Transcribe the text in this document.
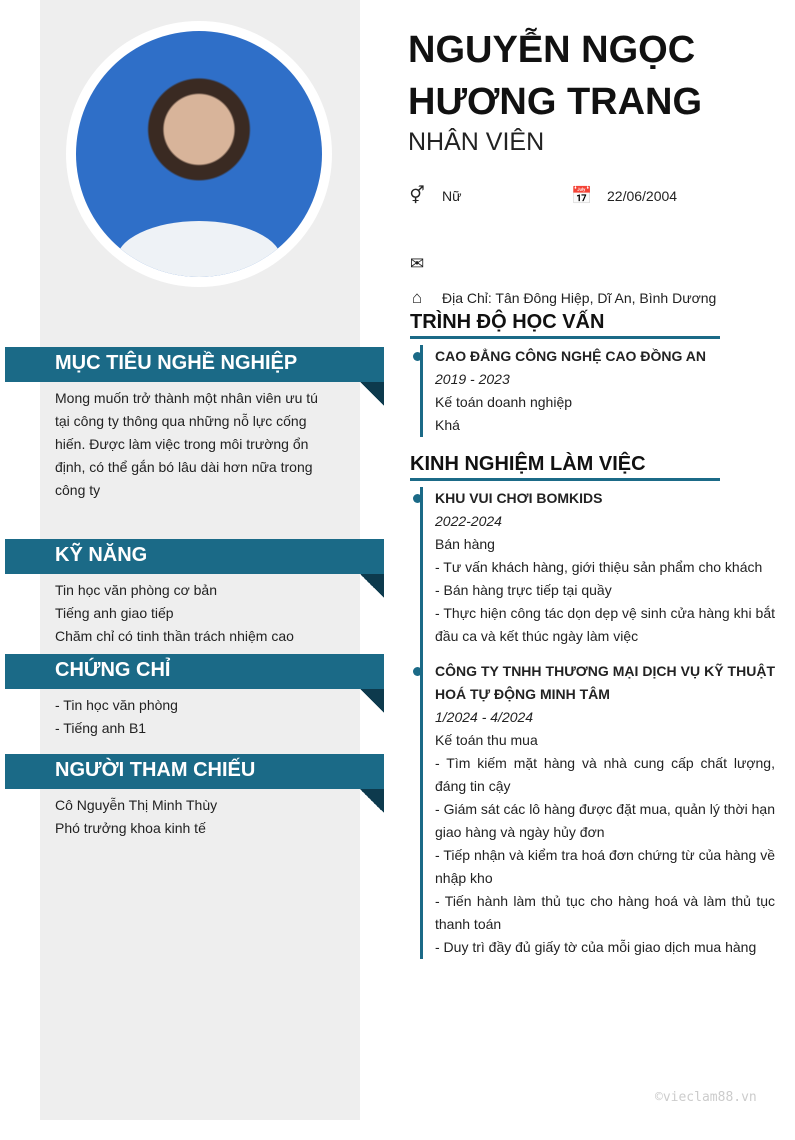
MỤC TIÊU NGHỀ NGHIỆP
Mong muốn trở thành một nhân viên ưu tú
tại công ty thông qua những nỗ lực cống hiến. Được làm việc trong môi trường ổn định, có thể gắn bó lâu dài hơn nữa trong công ty
KỸ NĂNG
Tin học văn phòng cơ bản
Tiếng anh giao tiếp
Chăm chỉ có tinh thần trách nhiệm cao
CHỨNG CHỈ
- Tin học văn phòng
- Tiếng anh B1
NGƯỜI THAM CHIẾU
Cô Nguyễn Thị Minh Thùy
Phó trưởng khoa kinh tế
NGUYỄN NGỌC
HƯƠNG TRANG
NHÂN VIÊN
⚥ Nữ	📅 22/06/2004
✉
⌂	Địa Chỉ: Tân Đông Hiệp, Dĩ An, Bình Dương
TRÌNH ĐỘ HỌC VẤN
CAO ĐẲNG CÔNG NGHỆ CAO ĐỒNG AN
2019 - 2023
Kế toán doanh nghiệp
Khá
KINH NGHIỆM LÀM VIỆC
KHU VUI CHƠI BOMKIDS
2022-2024
Bán hàng
- Tư vấn khách hàng, giới thiệu sản phẩm cho khách
- Bán hàng trực tiếp tại quầy
- Thực hiện công tác dọn dẹp vệ sinh cửa hàng khi bắt đầu ca và kết thúc ngày làm việc
CÔNG TY TNHH THƯƠNG MẠI DỊCH VỤ KỸ THUẬT HOÁ TỰ ĐỘNG MINH TÂM
1/2024 - 4/2024
Kế toán thu mua
- Tìm kiếm mặt hàng và nhà cung cấp chất lượng, đáng tin cậy
- Giám sát các lô hàng được đặt mua, quản lý thời hạn giao hàng và ngày hủy đơn
- Tiếp nhận và kiểm tra hoá đơn chứng từ của hàng về nhập kho
- Tiến hành làm thủ tục cho hàng hoá và làm thủ tục thanh toán
- Duy trì đầy đủ giấy tờ của mỗi giao dịch mua hàng
©vieclam88.vn
